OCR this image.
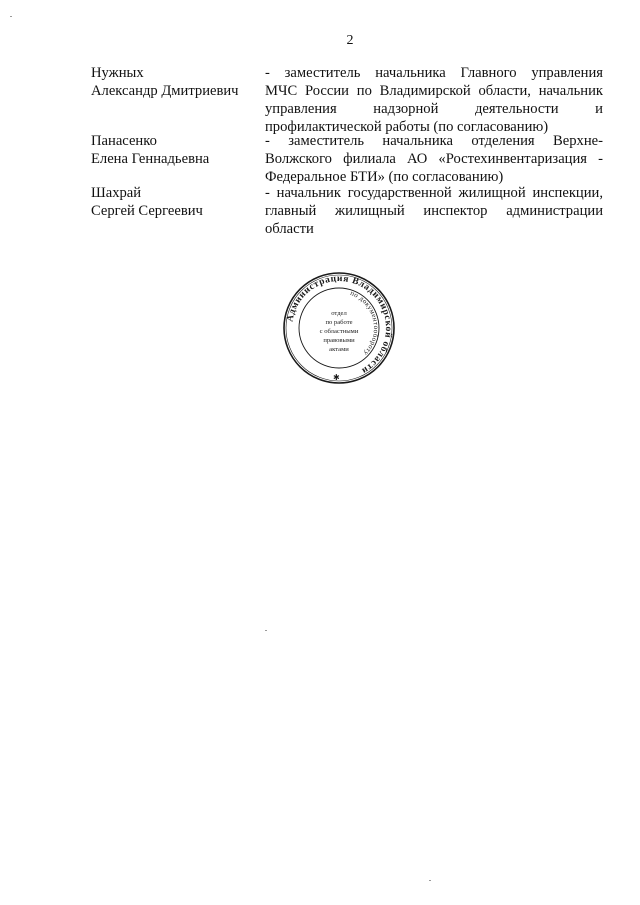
2
Нужных
Александр Дмитриевич
- заместитель начальника Главного управления
МЧС России по Владимирской области, начальник
управления надзорной деятельности и
профилактической работы (по согласованию)
Панасенко
Елена Геннадьевна
- заместитель начальника отделения Верхне-
Волжского филиала АО «Ростехинвентаризация -
Федеральное БТИ» (по согласованию)
Шахрай
Сергей Сергеевич
- начальник государственной жилищной инспекции,
главный жилищный инспектор администрации
области
Администрация Владимирской области
по документообороту
✱
отдел
по работе
с областными
правовыми
актами
